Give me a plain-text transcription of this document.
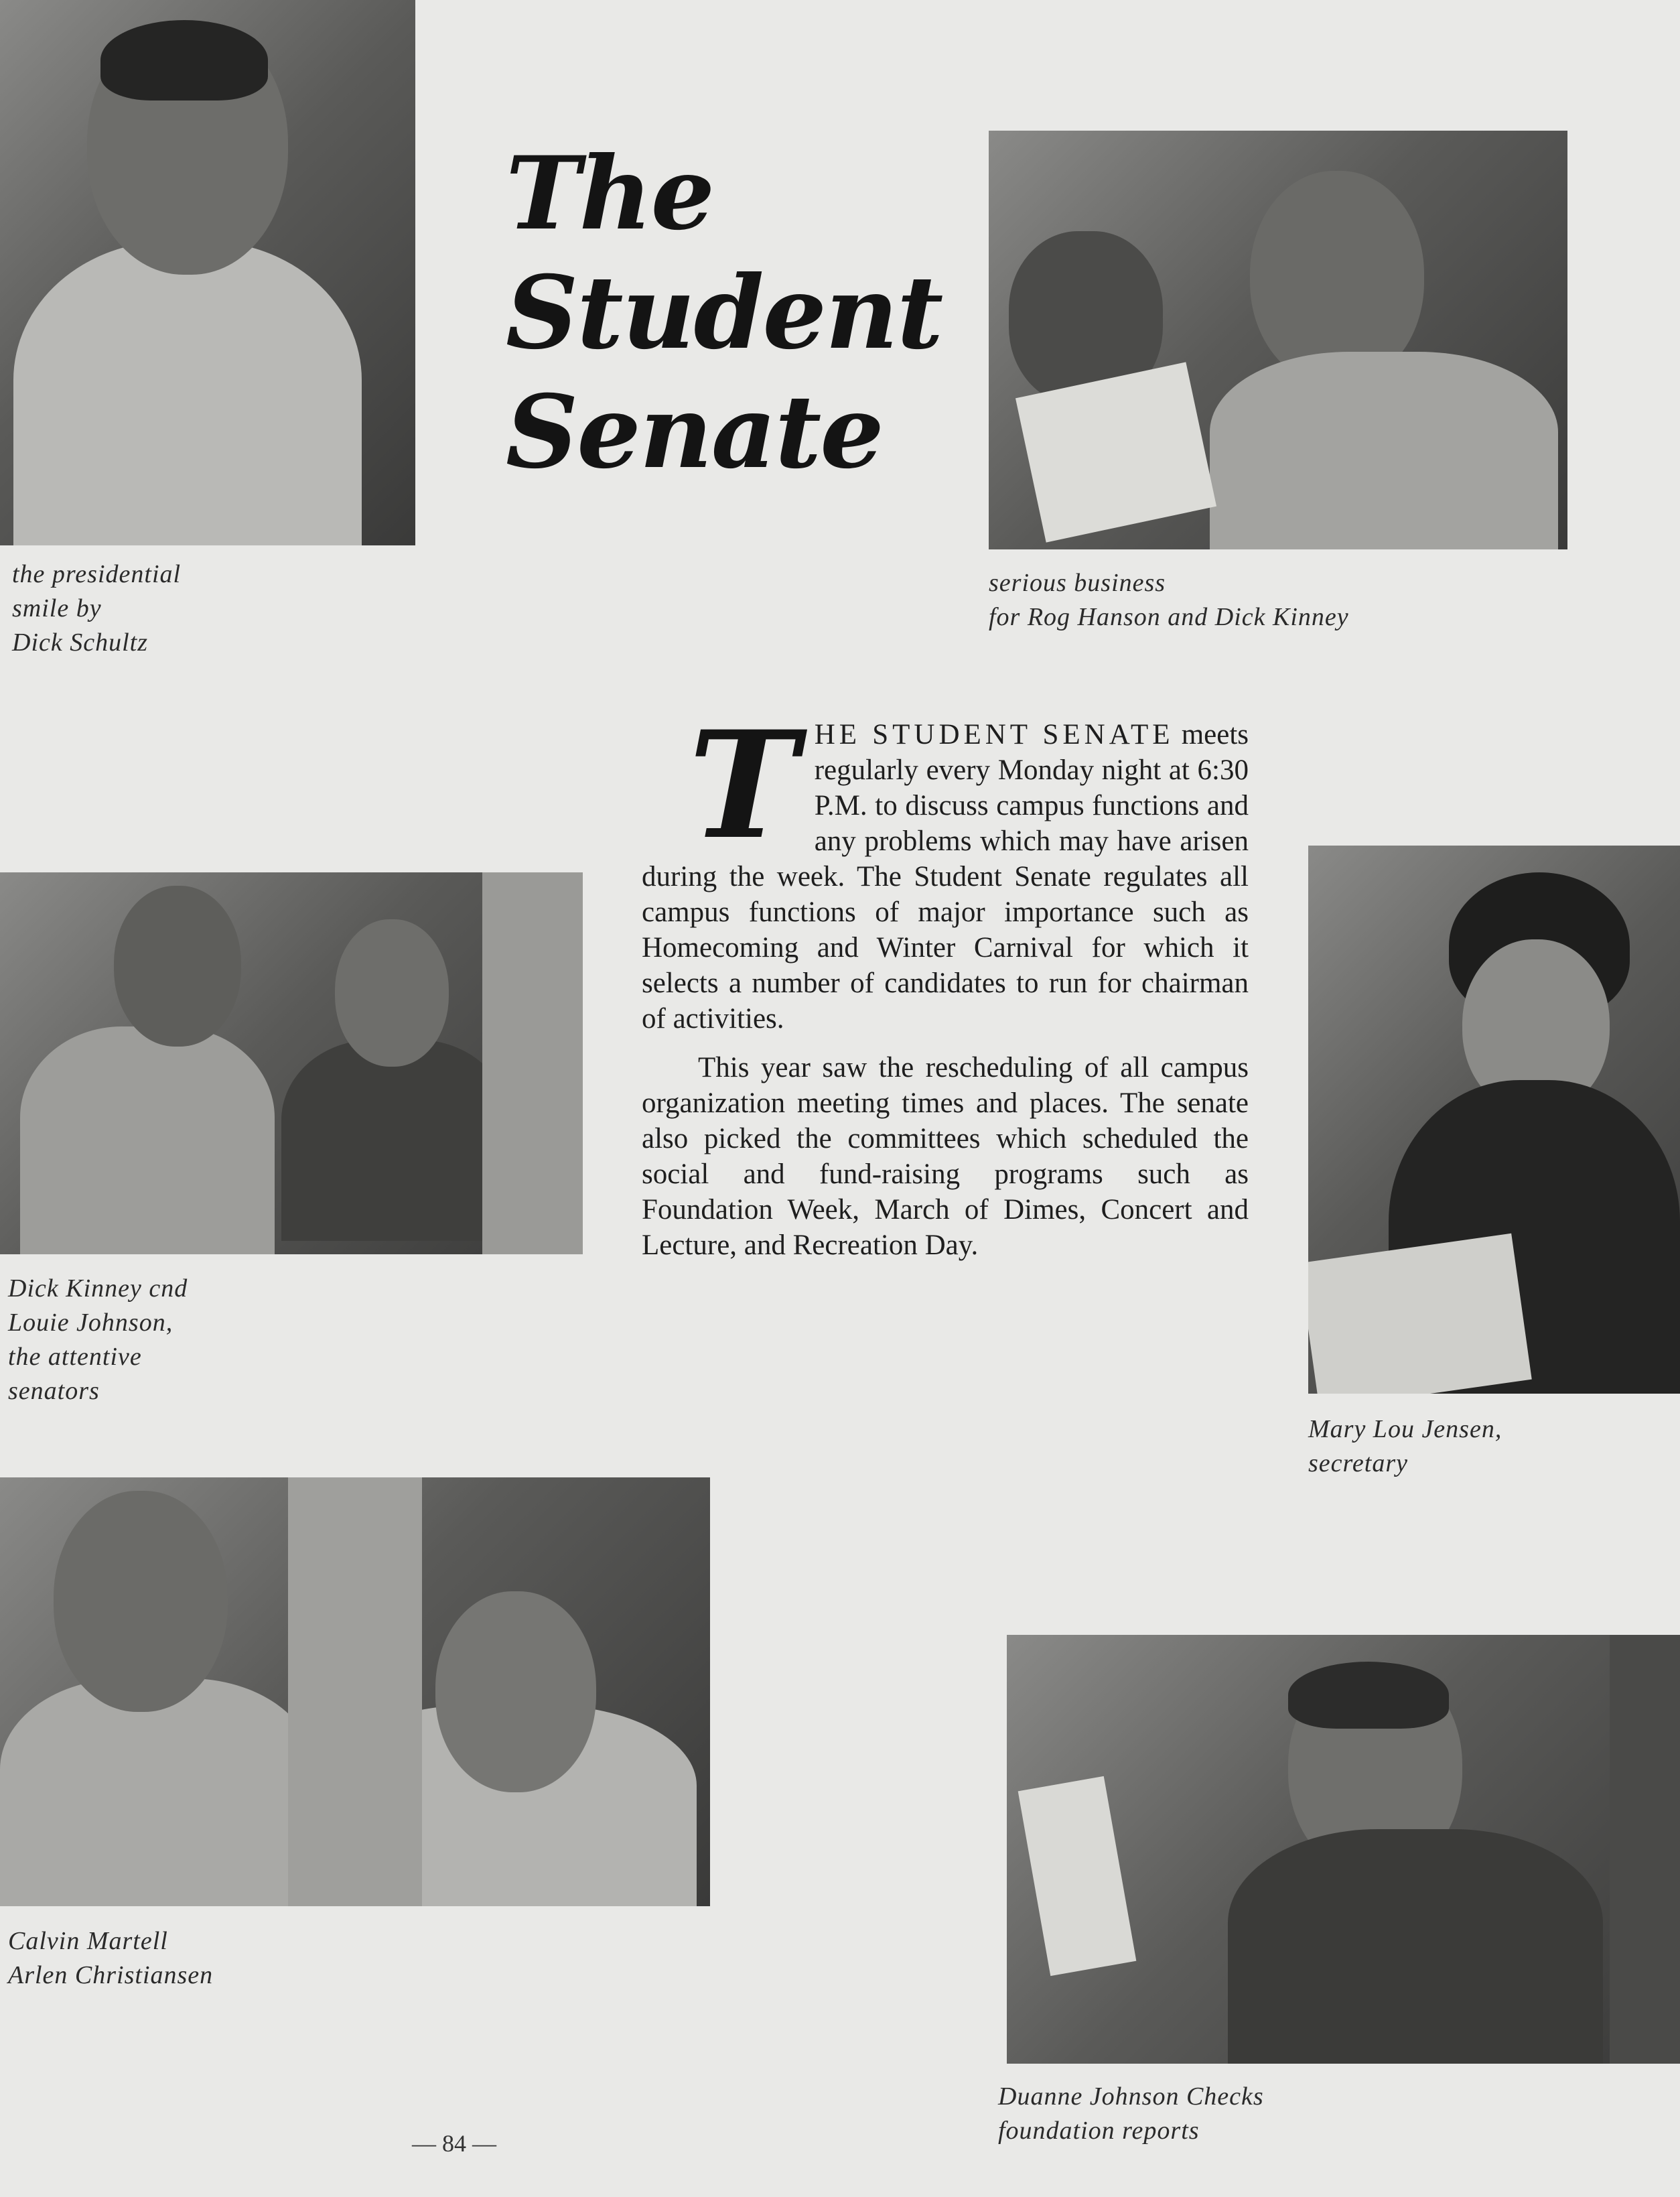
the presidential
smile by
Dick Schultz
The
Student
Senate
serious business
for Rog Hanson and Dick Kinney
Dick Kinney cnd
Louie Johnson,
the attentive
senators

THE STUDENT SENATE meets regularly every Monday night at 6:30 P.M. to discuss campus functions and any problems which may have arisen during the week. The Student Senate regulates all campus functions of major importance such as Homecoming and Winter Carnival for which it selects a number of candidates to run for chairman of activities.

This year saw the rescheduling of all campus organization meeting times and places. The senate also picked the committees which scheduled the social and fund-raising programs such as Foundation Week, March of Dimes, Concert and Lecture, and Recreation Day.

Mary Lou Jensen,
secretary
Calvin Martell
Arlen Christiansen
Duanne Johnson Checks
foundation reports
— 84 —
